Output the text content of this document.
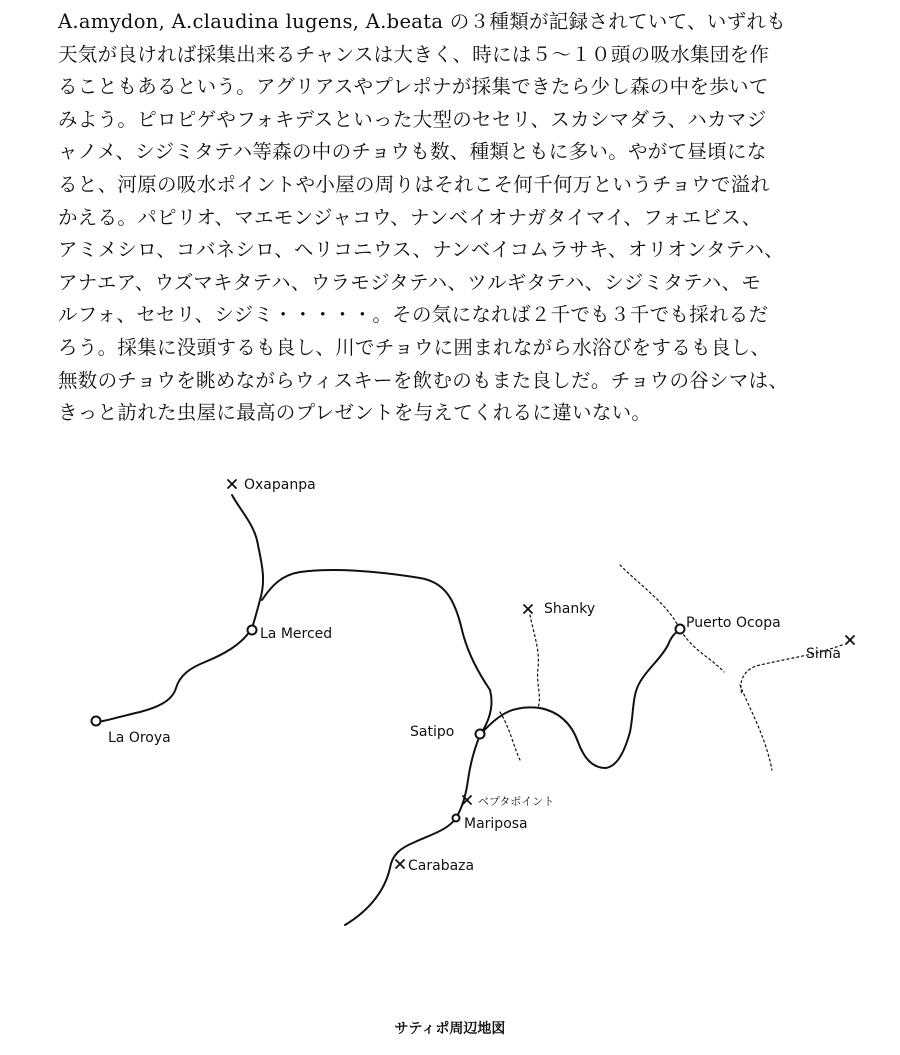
A.amydon, A.claudina lugens, A.beata の３種類が記録されていて、いずれも
天気が良ければ採集出来るチャンスは大きく、時には５～１０頭の吸水集団を作
ることもあるという。アグリアスやプレポナが採集できたら少し森の中を歩いて
みよう。ピロピゲやフォキデスといった大型のセセリ、スカシマダラ、ハカマジ
ャノメ、シジミタテハ等森の中のチョウも数、種類ともに多い。やがて昼頃にな
ると、河原の吸水ポイントや小屋の周りはそれこそ何千何万というチョウで溢れ
かえる。パピリオ、マエモンジャコウ、ナンベイオナガタイマイ、フォエビス、
アミメシロ、コバネシロ、ヘリコニウス、ナンベイコムラサキ、オリオンタテハ、
アナエア、ウズマキタテハ、ウラモジタテハ、ツルギタテハ、シジミタテハ、モ
ルフォ、セセリ、シジミ・・・・・。その気になれば２千でも３千でも採れるだ
ろう。採集に没頭するも良し、川でチョウに囲まれながら水浴びをするも良し、
無数のチョウを眺めながらウィスキーを飲むのもまた良しだ。チョウの谷シマは、
きっと訪れた虫屋に最高のプレゼントを与えてくれるに違いない。
Oxapanpa
La Merced
La Oroya	Satipo
Shanky
Puerto Ocopa
Sima
ベプタポイント
Mariposa
Carabaza
サティポ周辺地図
